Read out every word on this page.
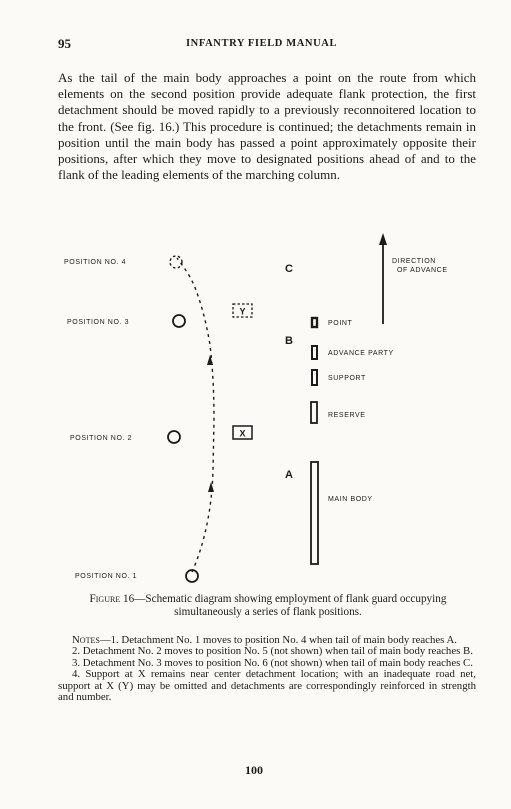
95	INFANTRY FIELD MANUAL

As the tail of the main body approaches a point on the route from which elements on the second position provide adequate flank protection, the first detachment should be moved rapidly to a previously reconnoitered location to the front. (See fig. 16.) This procedure is continued; the detachments remain in position until the main body has passed a point approximately opposite their positions, after which they move to designated positions ahead of and to the flank of the leading elements of the marching column.

POSITION NO. 4
POSITION NO. 3
POSITION NO. 2
POSITION NO. 1
Y
X
C
B
A
POINT
ADVANCE PARTY
SUPPORT
RESERVE
MAIN BODY
DIRECTION
OF ADVANCE

Figure 16—Schematic diagram showing employment of flank guard occupying simultaneously a series of flank positions.

Notes—1. Detachment No. 1 moves to position No. 4 when tail of main body reaches A.

2. Detachment No. 2 moves to position No. 5 (not shown) when tail of main body reaches B.

3. Detachment No. 3 moves to position No. 6 (not shown) when tail of main body reaches C.

4. Support at X remains near center detachment location; with an inadequate road net, support at X (Y) may be omitted and detachments are correspondingly reinforced in strength and number.

100
